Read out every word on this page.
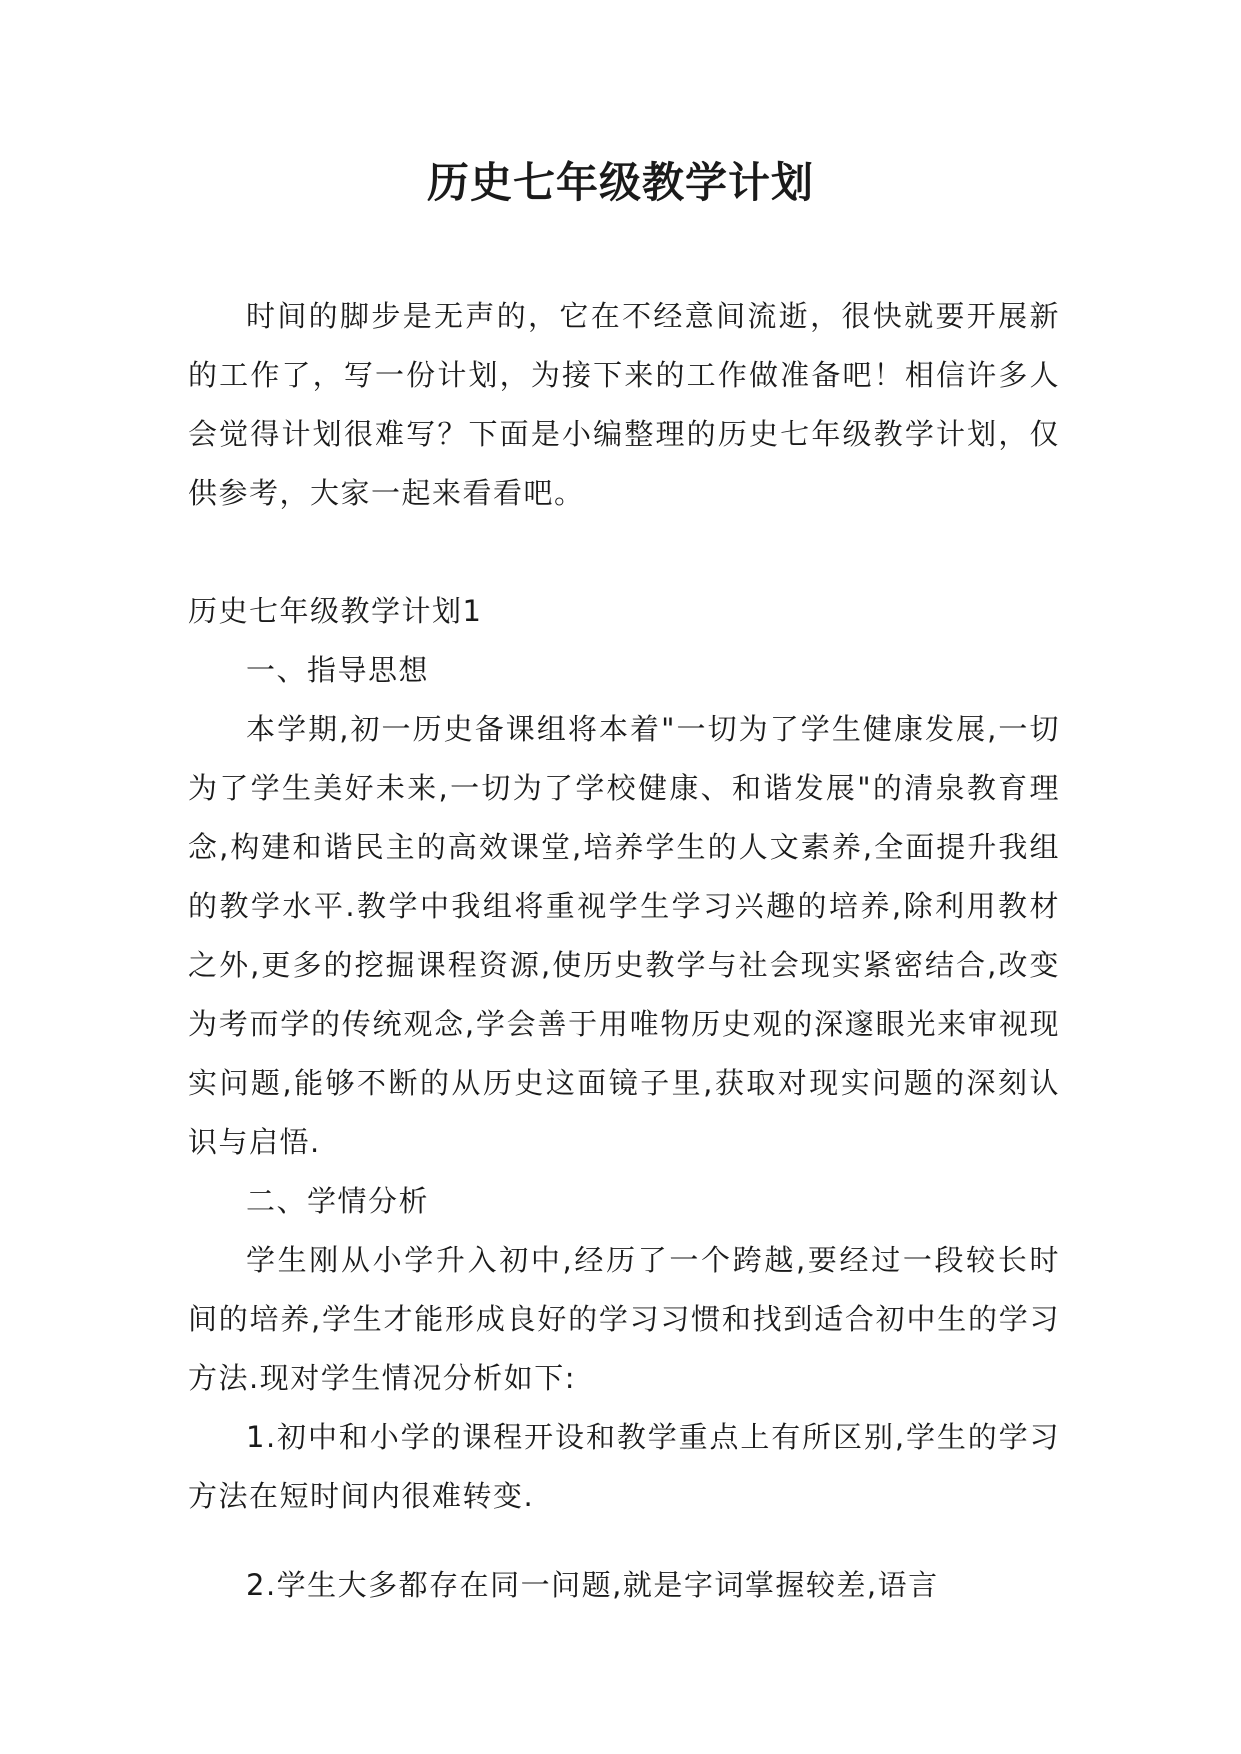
历史七年级教学计划

时间的脚步是无声的，它在不经意间流逝，很快就要开展新的工作了，写一份计划，为接下来的工作做准备吧！相信许多人会觉得计划很难写？下面是小编整理的历史七年级教学计划，仅供参考，大家一起来看看吧。

历史七年级教学计划1

一、指导思想

本学期,初一历史备课组将本着"一切为了学生健康发展,一切为了学生美好未来,一切为了学校健康、和谐发展"的清泉教育理念,构建和谐民主的高效课堂,培养学生的人文素养,全面提升我组的教学水平.教学中我组将重视学生学习兴趣的培养,除利用教材之外,更多的挖掘课程资源,使历史教学与社会现实紧密结合,改变为考而学的传统观念,学会善于用唯物历史观的深邃眼光来审视现实问题,能够不断的从历史这面镜子里,获取对现实问题的深刻认识与启悟.

二、学情分析

学生刚从小学升入初中,经历了一个跨越,要经过一段较长时间的培养,学生才能形成良好的学习习惯和找到适合初中生的学习方法.现对学生情况分析如下:

1.初中和小学的课程开设和教学重点上有所区别,学生的学习方法在短时间内很难转变.

2.学生大多都存在同一问题,就是字词掌握较差,语言
